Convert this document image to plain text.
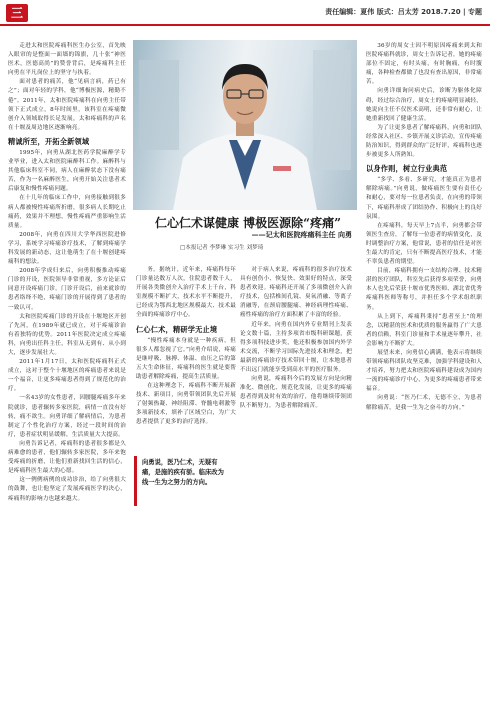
三	责任编辑：夏伟 版式：吕太芳 2018.7.20 | 专题

走进太和医院疼痛科医生办公室，首先映入眼帘的是整面一面墙的锦旗，几十张“神医医术，医德高尚”的赞誉背后，是疼痛科主任向勇在平凡岗位上的坚守与执着。

面对患者的痛苦，他“见病言病，药已有之”；面对年轻的学科，他“博极医源，精勤不倦”。2011年，太和医院疼痛科在向勇主任带领下正式成立，8年时间里，该科室在疼痛微创介入领域取得长足发展，太和疼痛科的声名在十堰及周边地区逐渐响亮。

精诚所至，开拓全新领域

1995年，向勇从湖北医药学院麻醉学专业毕业，进入太和医院麻醉科工作。麻醉科与其他临床科室不同，病人在麻醉状态下没有痛苦，作为一名麻醉医生，向勇开始关注患者术后康复和慢性疼痛问题。

在十几年的临床工作中，向勇接触到很多病人都被慢性疼痛所折磨，很多病人长期吃止痛药，效果并不理想，慢性疼痛严重影响生活质量。

2008年，向勇在四川大学华西医院进修学习，系统学习疼痛诊疗技术，了解到疼痛学科发展的新动态，这让他萌生了在十堰创建疼痛科的想法。

2008年学成归来后，向勇积极推动疼痛门诊的开设，医院领导非常重视，多方论证后同意开设疼痛门诊。门诊开设后，前来就诊的患者络绎不绝，疼痛门诊的开展得到了患者的一致认可。

太和医院疼痛门诊的开设在十堰地区开创了先河，在1989年就已成立，对于疼痛诊治有着独特的优势。2011年医院决定成立疼痛科，向勇出任科主任，科室从无到有、从小到大，逐步发展壮大。

2011年1月17日，太和医院疼痛科正式成立，这对于整个十堰地区的疼痛患者来说是一个福音，让更多疼痛患者得到了规范化的治疗。

一名43岁的女性患者，因腰腿疼痛多年来院就诊，患者辗转多家医院，病情一直没有好转，痛不欲生。向勇详细了解病情后，为患者制定了个性化治疗方案，经过一段时间的治疗，患者症状明显缓解，生活质量大大提高。

向勇告诉记者，疼痛科的患者很多都是久病难愈的患者，他们辗转多家医院，多年来饱受疼痛的折磨，让他们重新找回生活的信心，是疼痛科医生最大的心愿。

这一例例病例的成功诊治，给了向勇很大的鼓舞，也让他坚定了发展疼痛医学的决心，疼痛科的影响力也越来越大。

仁心仁术谋健康 博极医源除“疼痛”
——记太和医院疼痛科主任 向勇
□本报记者 李梦琳 实习生 刘梦琦

务。据统计，近年来，疼痛科每年门诊量达数万人次，住院患者数千人，开展各类微创介入治疗手术上千台，科室规模不断扩大，技术水平不断提升，已经成为鄂西北地区规模最大、技术最全面的疼痛诊疗中心。

仁心仁术，精研学无止境

“慢性疼痛本身就是一种疾病，但很多人都忽视了它。”向勇介绍说，疼痛是继呼吸、脉搏、体温、血压之后的第五大生命体征，疼痛科的医生就是要帮助患者解除疼痛，提高生活质量。

在这种理念下，疼痛科不断开展新技术、新项目，向勇带领团队先后开展了射频热凝、神经阻滞、脊髓电刺激等多项新技术，填补了区域空白，为广大患者提供了更多的治疗选择。

向勇说，医乃仁术，无疑有痛，是施的疾有骄。临床改为线一生为之努力的方向。

对于病人来说，疼痛科的很多治疗技术具有创伤小、恢复快、效果好的特点，深受患者欢迎。疼痛科还开展了多项微创介入治疗技术，包括椎间孔镜、臭氧消融、等离子消融等，在颈肩腰腿痛、神经病理性疼痛、癌性疼痛的治疗方面积累了丰富的经验。

近年来，向勇在国内外专业期刊上发表论文数十篇，主持多项省市级科研课题，获得多项科技进步奖，他还积极参加国内外学术交流，不断学习国际先进技术和理念，把最新的疼痛诊疗技术带回十堰，让本地患者不出远门就能享受到高水平的医疗服务。

向勇说，疼痛科今后的发展方向是向精准化、微创化、规范化发展，让更多的疼痛患者得到及时有效的治疗，他将继续带领团队不断努力，为患者解除痛苦。

36岁的周女士因不明原因疼痛来到太和医院疼痛科就诊，周女士告诉记者，她的疼痛部位不固定，有时头痛，有时胸痛，有时腹痛，各种检查都做了也没有查出原因，非常痛苦。

向勇详细询问病史后，诊断为躯体化障碍，经过综合治疗，周女士的疼痛明显减轻，她说向主任不仅医术高明，还非常有耐心，让她重新找回了健康生活。

为了让更多患者了解疼痛科，向勇和团队经常深入社区、乡镇开展义诊活动，宣传疼痛防治知识，得到群众的广泛好评，疼痛科也逐步被更多人所熟知。

以身作则，树立行业典范

“多学、多看、多研究，才能真正为患者解除病痛。”向勇说，做疼痛医生要有责任心和耐心，要对每一位患者负责，在向勇的带领下，疼痛科形成了团结协作、积极向上的良好氛围。

在疼痛科，每天早上7点半，向勇都会带领医生查房，了解每一位患者的病情变化，及时调整治疗方案，他常说，患者的信任是对医生最大的肯定，只有不断提高医疗技术，才能不辜负患者的期望。

目前，疼痛科拥有一支结构合理、技术精湛的医疗团队，科室先后获得多项荣誉，向勇本人也先后荣获十堰市优秀医师、湖北省优秀疼痛科医师等称号，并担任多个学术组织职务。

从上到下，疼痛科秉持“患者至上”的理念，以精湛的医术和优质的服务赢得了广大患者的信赖，科室门诊量和手术量逐年攀升，社会影响力不断扩大。

展望未来，向勇信心满满，他表示将继续带领疼痛科团队攻坚克难，加强学科建设和人才培养，努力把太和医院疼痛科建设成为国内一流的疼痛诊疗中心，为更多的疼痛患者带来福音。

向勇说：“医乃仁术，无德不立，为患者解除痛苦，是我一生为之奋斗的方向。”
